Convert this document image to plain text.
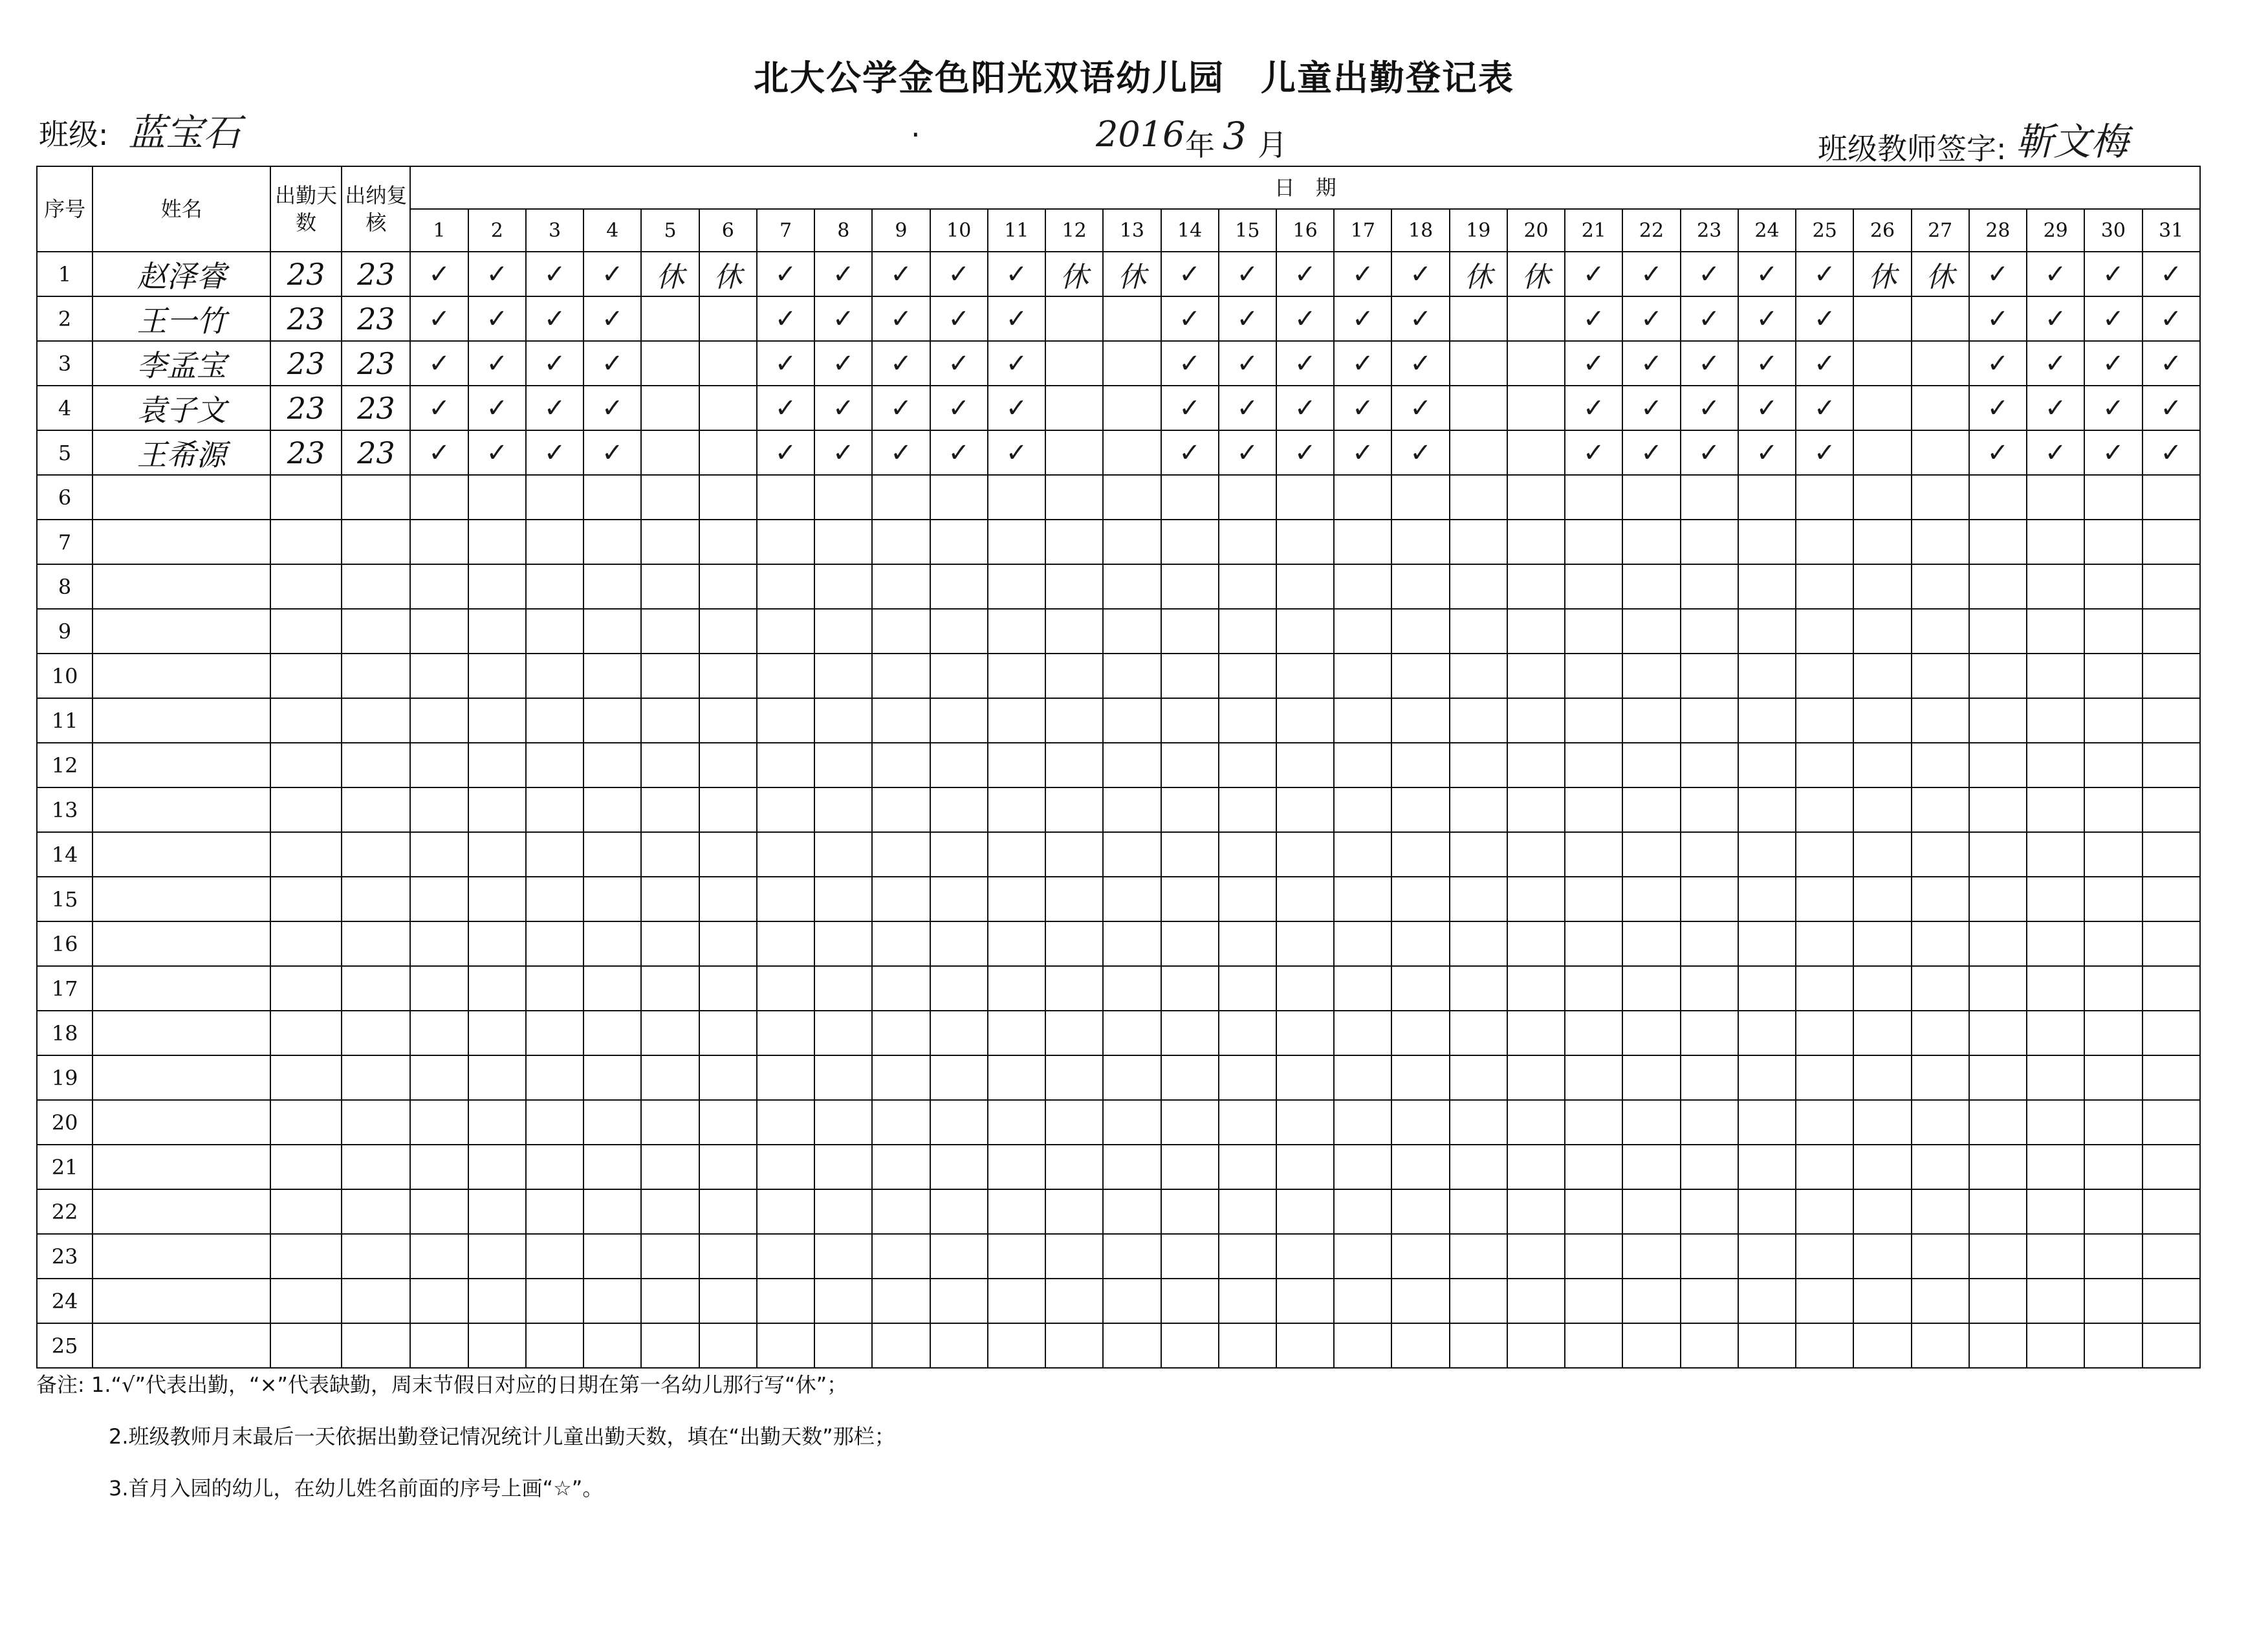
北大公学金色阳光双语幼儿园　儿童出勤登记表
班级: 蓝宝石	.	2016 年 3 月	班级教师签字: 靳文梅
序号	姓名	出勤天数	出纳复核	日　期																														
				1	2	3	4	5	6	7	8	9	10	11	12	13	14	15	16	17	18	19	20	21	22	23	24	25	26	27	28	29	30	31
1	赵泽睿	23	23	✓	✓	✓	✓	休	休	✓	✓	✓	✓	✓	休	休	✓	✓	✓	✓	✓	休	休	✓	✓	✓	✓	✓	休	休	✓	✓	✓	✓
2	王一竹	23	23	✓	✓	✓	✓			✓	✓	✓	✓	✓			✓	✓	✓	✓	✓			✓	✓	✓	✓	✓			✓	✓	✓	✓
3	李孟宝	23	23	✓	✓	✓	✓			✓	✓	✓	✓	✓			✓	✓	✓	✓	✓			✓	✓	✓	✓	✓			✓	✓	✓	✓
4	袁子文	23	23	✓	✓	✓	✓			✓	✓	✓	✓	✓			✓	✓	✓	✓	✓			✓	✓	✓	✓	✓			✓	✓	✓	✓
5	王希源	23	23	✓	✓	✓	✓			✓	✓	✓	✓	✓			✓	✓	✓	✓	✓			✓	✓	✓	✓	✓			✓	✓	✓	✓
6																																		
7																																		
8																																		
9																																		
10																																		
11																																		
12																																		
13																																		
14																																		
15																																		
16																																		
17																																		
18																																		
19																																		
20																																		
21																																		
22																																		
23																																		
24																																		
25																																		
备注: 1.“√”代表出勤，“×”代表缺勤，周末节假日对应的日期在第一名幼儿那行写“休”；
2.班级教师月末最后一天依据出勤登记情况统计儿童出勤天数，填在“出勤天数”那栏；
3.首月入园的幼儿，在幼儿姓名前面的序号上画“☆”。
